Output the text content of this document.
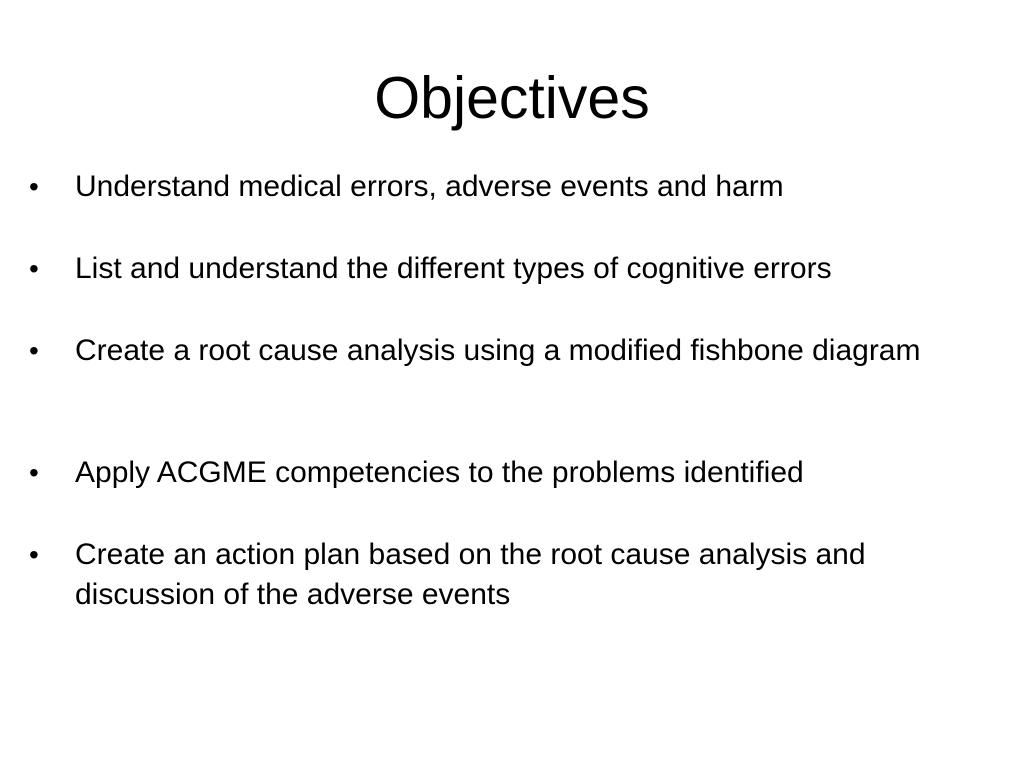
Objectives
• Understand medical errors, adverse events and harm
• List and understand the different types of cognitive errors
• Create a root cause analysis using a modified fishbone diagram
• Apply ACGME competencies to the problems identified
• Create an action plan based on the root cause analysis and discussion of the adverse events
